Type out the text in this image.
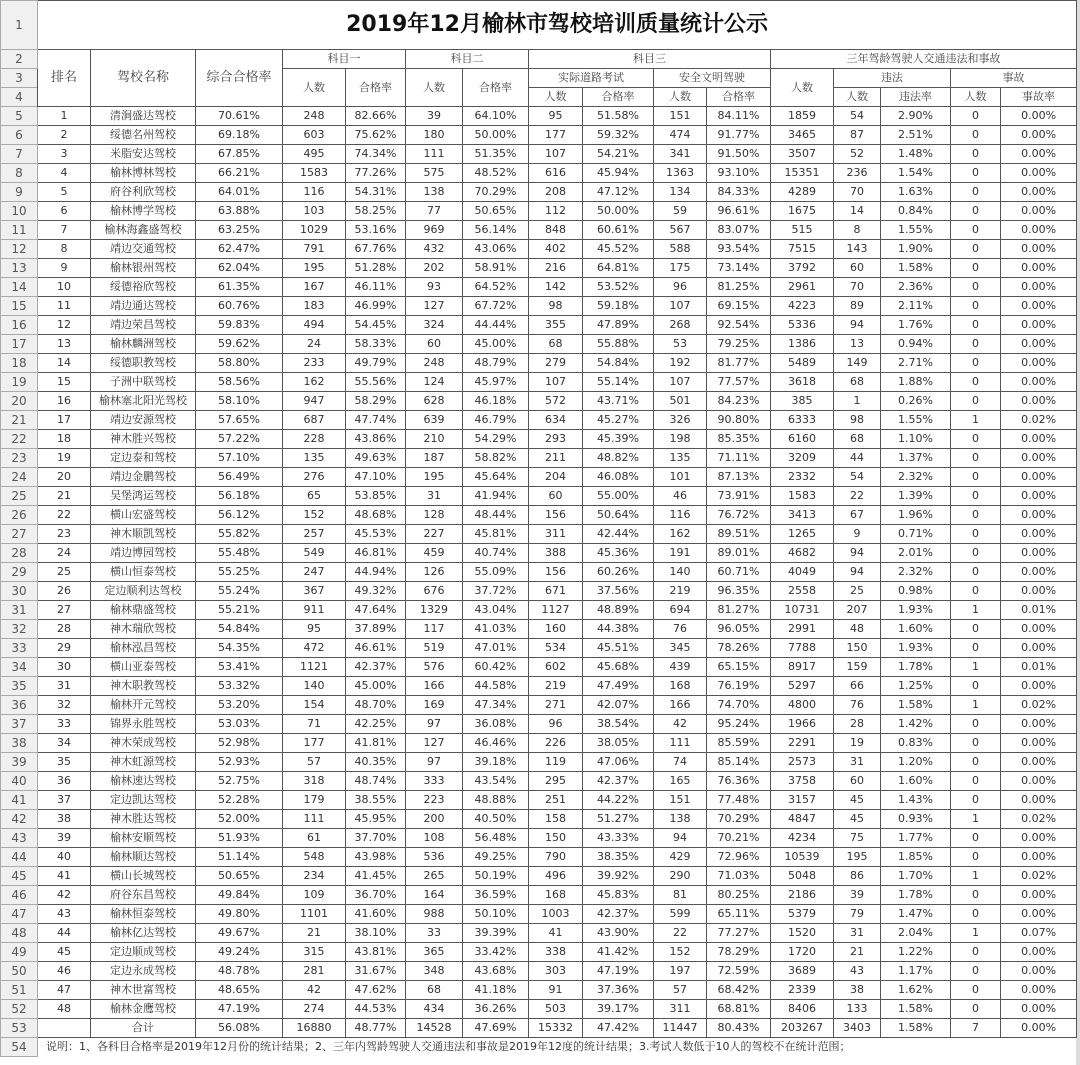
1	2019年12月榆林市驾校培训质量统计公示															
2	排名	驾校名称	综合合格率	科目一		科目二		科目三				三年驾龄驾驶人交通违法和事故				
3				人数	合格率	人数	合格率	实际道路考试		安全文明驾驶		人数	违法		事故	
4								人数	合格率	人数	合格率		人数	违法率	人数	事故率
5	1	清涧盛达驾校	70.61%	248	82.66%	39	64.10%	95	51.58%	151	84.11%	1859	54	2.90%	0	0.00%
6	2	绥德名州驾校	69.18%	603	75.62%	180	50.00%	177	59.32%	474	91.77%	3465	87	2.51%	0	0.00%
7	3	米脂安达驾校	67.85%	495	74.34%	111	51.35%	107	54.21%	341	91.50%	3507	52	1.48%	0	0.00%
8	4	榆林博林驾校	66.21%	1583	77.26%	575	48.52%	616	45.94%	1363	93.10%	15351	236	1.54%	0	0.00%
9	5	府谷利欣驾校	64.01%	116	54.31%	138	70.29%	208	47.12%	134	84.33%	4289	70	1.63%	0	0.00%
10	6	榆林博学驾校	63.88%	103	58.25%	77	50.65%	112	50.00%	59	96.61%	1675	14	0.84%	0	0.00%
11	7	榆林海鑫盛驾校	63.25%	1029	53.16%	969	56.14%	848	60.61%	567	83.07%	515	8	1.55%	0	0.00%
12	8	靖边交通驾校	62.47%	791	67.76%	432	43.06%	402	45.52%	588	93.54%	7515	143	1.90%	0	0.00%
13	9	榆林银州驾校	62.04%	195	51.28%	202	58.91%	216	64.81%	175	73.14%	3792	60	1.58%	0	0.00%
14	10	绥德裕欣驾校	61.35%	167	46.11%	93	64.52%	142	53.52%	96	81.25%	2961	70	2.36%	0	0.00%
15	11	靖边通达驾校	60.76%	183	46.99%	127	67.72%	98	59.18%	107	69.15%	4223	89	2.11%	0	0.00%
16	12	靖边荣昌驾校	59.83%	494	54.45%	324	44.44%	355	47.89%	268	92.54%	5336	94	1.76%	0	0.00%
17	13	榆林麟洲驾校	59.62%	24	58.33%	60	45.00%	68	55.88%	53	79.25%	1386	13	0.94%	0	0.00%
18	14	绥德职教驾校	58.80%	233	49.79%	248	48.79%	279	54.84%	192	81.77%	5489	149	2.71%	0	0.00%
19	15	子洲中联驾校	58.56%	162	55.56%	124	45.97%	107	55.14%	107	77.57%	3618	68	1.88%	0	0.00%
20	16	榆林塞北阳光驾校	58.10%	947	58.29%	628	46.18%	572	43.71%	501	84.23%	385	1	0.26%	0	0.00%
21	17	靖边安源驾校	57.65%	687	47.74%	639	46.79%	634	45.27%	326	90.80%	6333	98	1.55%	1	0.02%
22	18	神木胜兴驾校	57.22%	228	43.86%	210	54.29%	293	45.39%	198	85.35%	6160	68	1.10%	0	0.00%
23	19	定边泰和驾校	57.10%	135	49.63%	187	58.82%	211	48.82%	135	71.11%	3209	44	1.37%	0	0.00%
24	20	靖边金鹏驾校	56.49%	276	47.10%	195	45.64%	204	46.08%	101	87.13%	2332	54	2.32%	0	0.00%
25	21	吴堡鸿运驾校	56.18%	65	53.85%	31	41.94%	60	55.00%	46	73.91%	1583	22	1.39%	0	0.00%
26	22	横山宏盛驾校	56.12%	152	48.68%	128	48.44%	156	50.64%	116	76.72%	3413	67	1.96%	0	0.00%
27	23	神木顺凯驾校	55.82%	257	45.53%	227	45.81%	311	42.44%	162	89.51%	1265	9	0.71%	0	0.00%
28	24	靖边博园驾校	55.48%	549	46.81%	459	40.74%	388	45.36%	191	89.01%	4682	94	2.01%	0	0.00%
29	25	横山恒泰驾校	55.25%	247	44.94%	126	55.09%	156	60.26%	140	60.71%	4049	94	2.32%	0	0.00%
30	26	定边顺利达驾校	55.24%	367	49.32%	676	37.72%	671	37.56%	219	96.35%	2558	25	0.98%	0	0.00%
31	27	榆林鼎盛驾校	55.21%	911	47.64%	1329	43.04%	1127	48.89%	694	81.27%	10731	207	1.93%	1	0.01%
32	28	神木瑞欣驾校	54.84%	95	37.89%	117	41.03%	160	44.38%	76	96.05%	2991	48	1.60%	0	0.00%
33	29	榆林泓昌驾校	54.35%	472	46.61%	519	47.01%	534	45.51%	345	78.26%	7788	150	1.93%	0	0.00%
34	30	横山亚泰驾校	53.41%	1121	42.37%	576	60.42%	602	45.68%	439	65.15%	8917	159	1.78%	1	0.01%
35	31	神木职教驾校	53.32%	140	45.00%	166	44.58%	219	47.49%	168	76.19%	5297	66	1.25%	0	0.00%
36	32	榆林开元驾校	53.20%	154	48.70%	169	47.34%	271	42.07%	166	74.70%	4800	76	1.58%	1	0.02%
37	33	锦界永胜驾校	53.03%	71	42.25%	97	36.08%	96	38.54%	42	95.24%	1966	28	1.42%	0	0.00%
38	34	神木荣成驾校	52.98%	177	41.81%	127	46.46%	226	38.05%	111	85.59%	2291	19	0.83%	0	0.00%
39	35	神木虹源驾校	52.93%	57	40.35%	97	39.18%	119	47.06%	74	85.14%	2573	31	1.20%	0	0.00%
40	36	榆林速达驾校	52.75%	318	48.74%	333	43.54%	295	42.37%	165	76.36%	3758	60	1.60%	0	0.00%
41	37	定边凯达驾校	52.28%	179	38.55%	223	48.88%	251	44.22%	151	77.48%	3157	45	1.43%	0	0.00%
42	38	神木胜达驾校	52.00%	111	45.95%	200	40.50%	158	51.27%	138	70.29%	4847	45	0.93%	1	0.02%
43	39	榆林安顺驾校	51.93%	61	37.70%	108	56.48%	150	43.33%	94	70.21%	4234	75	1.77%	0	0.00%
44	40	榆林顺达驾校	51.14%	548	43.98%	536	49.25%	790	38.35%	429	72.96%	10539	195	1.85%	0	0.00%
45	41	横山长城驾校	50.65%	234	41.45%	265	50.19%	496	39.92%	290	71.03%	5048	86	1.70%	1	0.02%
46	42	府谷东昌驾校	49.84%	109	36.70%	164	36.59%	168	45.83%	81	80.25%	2186	39	1.78%	0	0.00%
47	43	榆林恒泰驾校	49.80%	1101	41.60%	988	50.10%	1003	42.37%	599	65.11%	5379	79	1.47%	0	0.00%
48	44	榆林亿达驾校	49.67%	21	38.10%	33	39.39%	41	43.90%	22	77.27%	1520	31	2.04%	1	0.07%
49	45	定边顺成驾校	49.24%	315	43.81%	365	33.42%	338	41.42%	152	78.29%	1720	21	1.22%	0	0.00%
50	46	定边永成驾校	48.78%	281	31.67%	348	43.68%	303	47.19%	197	72.59%	3689	43	1.17%	0	0.00%
51	47	神木世富驾校	48.65%	42	47.62%	68	41.18%	91	37.36%	57	68.42%	2339	38	1.62%	0	0.00%
52	48	榆林金鹰驾校	47.19%	274	44.53%	434	36.26%	503	39.17%	311	68.81%	8406	133	1.58%	0	0.00%
53		合计	56.08%	16880	48.77%	14528	47.69%	15332	47.42%	11447	80.43%	203267	3403	1.58%	7	0.00%
54	说明：1、各科目合格率是2019年12月份的统计结果；2、三年内驾龄驾驶人交通违法和事故是2019年12度的统计结果；3.考试人数低于10人的驾校不在统计范围；															
